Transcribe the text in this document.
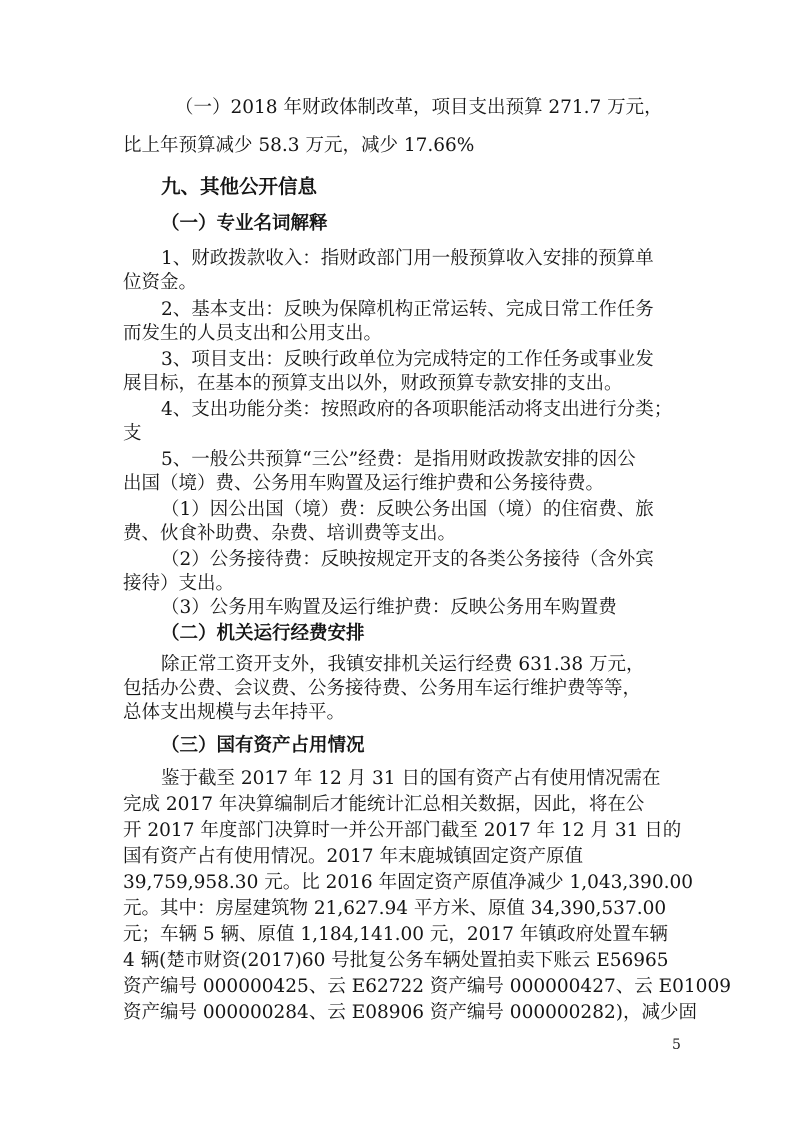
（一）2018 年财政体制改革，项目支出预算 271.7 万元，

比上年预算减少 58.3 万元，减少 17.66%

九、其他公开信息

（一）专业名词解释

1、财政拨款收入：指财政部门用一般预算收入安排的预算单

位资金。

2、基本支出：反映为保障机构正常运转、完成日常工作任务

而发生的人员支出和公用支出。

3、项目支出：反映行政单位为完成特定的工作任务或事业发

展目标，在基本的预算支出以外，财政预算专款安排的支出。

4、支出功能分类：按照政府的各项职能活动将支出进行分类；

支

5、一般公共预算“三公”经费：是指用财政拨款安排的因公

出国（境）费、公务用车购置及运行维护费和公务接待费。

（1）因公出国（境）费：反映公务出国（境）的住宿费、旅

费、伙食补助费、杂费、培训费等支出。

（2）公务接待费：反映按规定开支的各类公务接待（含外宾

接待）支出。

（3）公务用车购置及运行维护费：反映公务用车购置费

（二）机关运行经费安排

除正常工资开支外，我镇安排机关运行经费 631.38 万元，

包括办公费、会议费、公务接待费、公务用车运行维护费等等，

总体支出规模与去年持平。

（三）国有资产占用情况

鉴于截至 2017 年 12 月 31 日的国有资产占有使用情况需在

完成 2017 年决算编制后才能统计汇总相关数据，因此，将在公

开 2017 年度部门决算时一并公开部门截至 2017 年 12 月 31 日的

国有资产占有使用情况。2017 年末鹿城镇固定资产原值

39,759,958.30 元。比 2016 年固定资产原值净减少 1,043,390.00

元。其中：房屋建筑物 21,627.94 平方米、原值 34,390,537.00

元；车辆 5 辆、原值 1,184,141.00 元，2017 年镇政府处置车辆

4 辆(楚市财资(2017)60 号批复公务车辆处置拍卖下账云 E56965

资产编号 000000425、云 E62722 资产编号 000000427、云 E01009

资产编号 000000284、云 E08906 资产编号 000000282)，减少固

5
